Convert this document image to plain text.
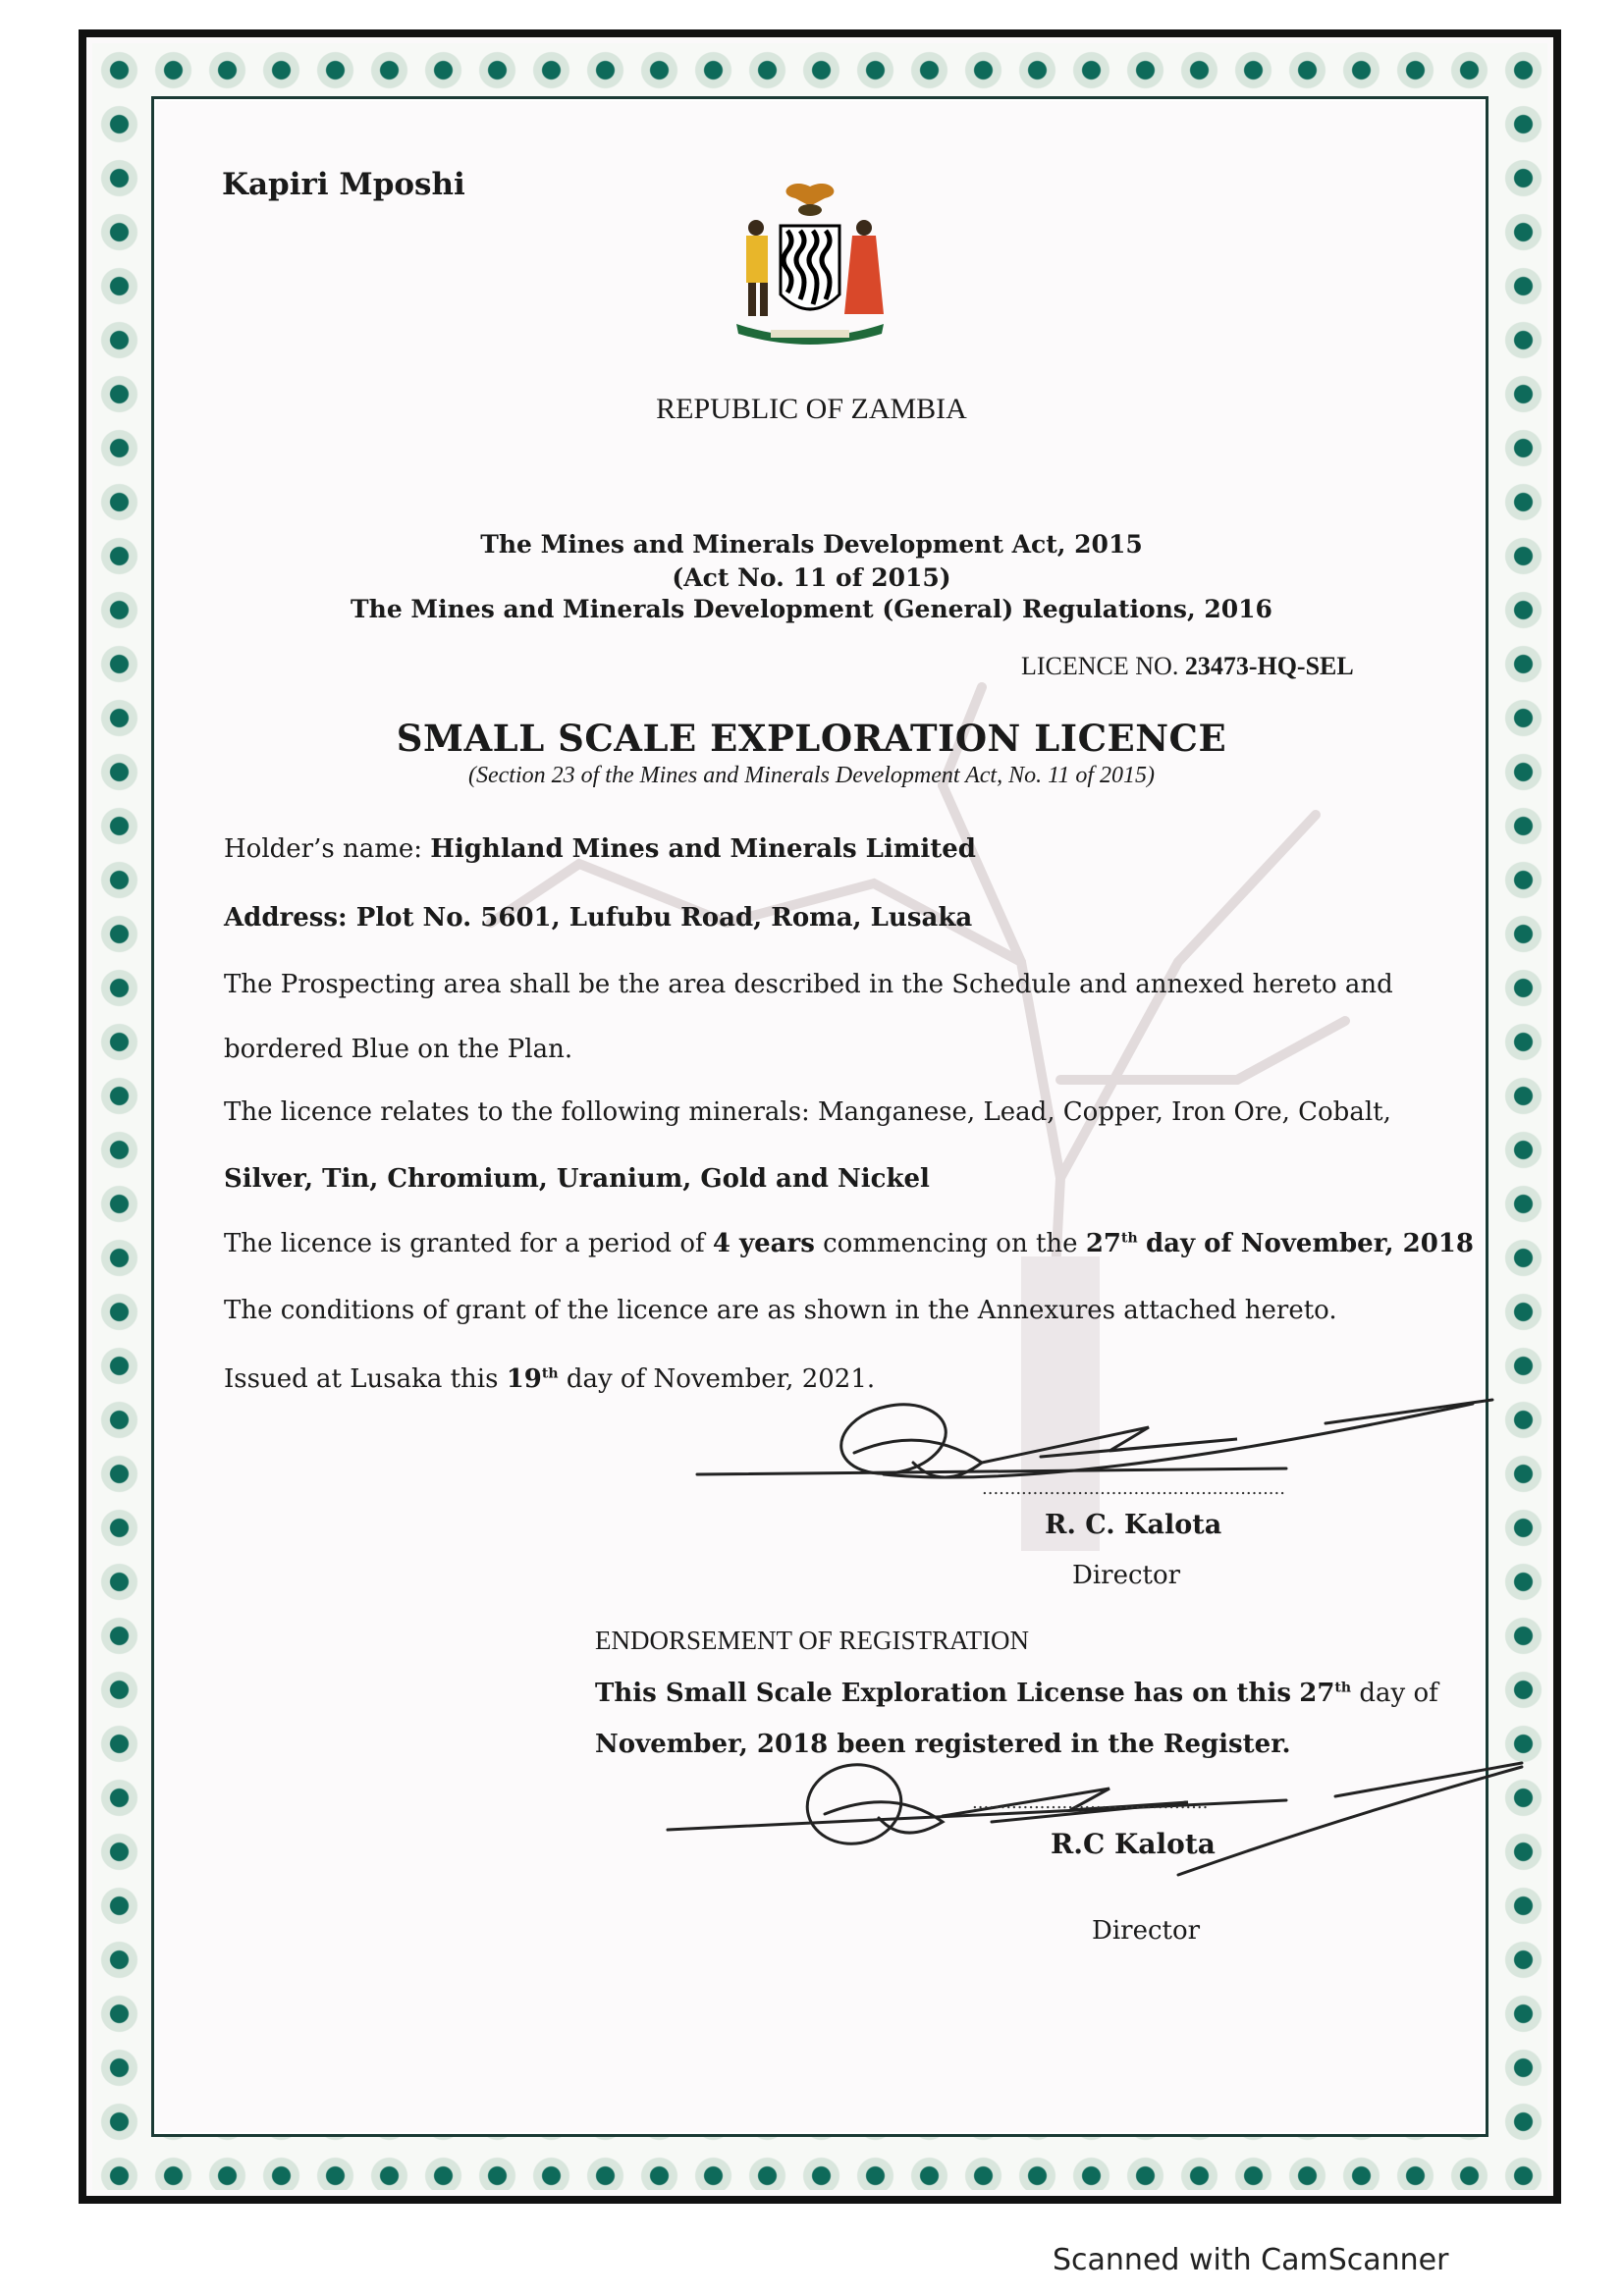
Kapiri Mposhi
REPUBLIC OF ZAMBIA
The Mines and Minerals Development Act, 2015
(Act No. 11 of 2015)
The Mines and Minerals Development (General) Regulations, 2016
LICENCE NO. 23473-HQ-SEL
SMALL SCALE EXPLORATION LICENCE
(Section 23 of the Mines and Minerals Development Act, No. 11 of 2015)
Holder’s name: Highland Mines and Minerals Limited
Address: Plot No. 5601, Lufubu Road, Roma, Lusaka
The Prospecting area shall be the area described in the Schedule and annexed hereto and
bordered Blue on the Plan.
The licence relates to the following minerals: Manganese, Lead, Copper, Iron Ore, Cobalt,
Silver, Tin, Chromium, Uranium, Gold and Nickel
The licence is granted for a period of 4 years commencing on the 27th day of November, 2018
The conditions of grant of the licence are as shown in the Annexures attached hereto.
Issued at Lusaka this 19th day of November, 2021.
......................................................
R. C. Kalota
Director
ENDORSEMENT OF REGISTRATION
This Small Scale Exploration License has on this 27th day of
November, 2018 been registered in the Register.
..........................................
R.C Kalota
Director
Scanned with CamScanner
